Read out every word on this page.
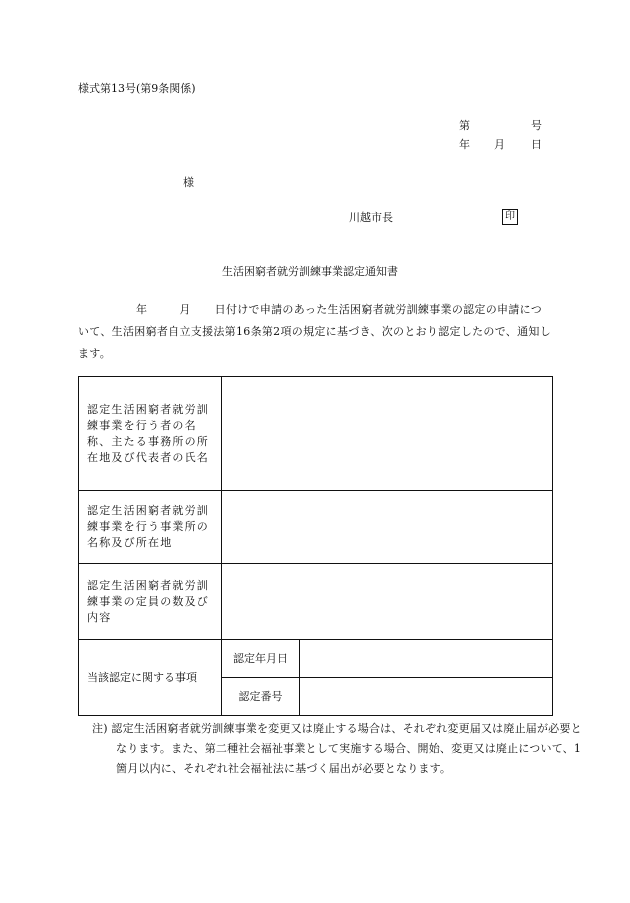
様式第13号(第9条関係)
第	号
年 月 日
様
川越市長	印
生活困窮者就労訓練事業認定通知書
年	月 日付けで申請のあった生活困窮者就労訓練事業の認定の申請について、生活困窮者自立支援法第16条第2項の規定に基づき、次のとおり認定したので、通知します。
認定生活困窮者就労訓練事業を行う者の名称、主たる事務所の所在地及び代表者の氏名		
認定生活困窮者就労訓練事業を行う事業所の名称及び所在地		
認定生活困窮者就労訓練事業の定員の数及び内容		
当該認定に関する事項	認定年月日	
	認定番号	
注) 認定生活困窮者就労訓練事業を変更又は廃止する場合は、それぞれ変更届又は廃止届が必要となります。また、第二種社会福祉事業として実施する場合、開始、変更又は廃止について、1箇月以内に、それぞれ社会福祉法に基づく届出が必要となります。
